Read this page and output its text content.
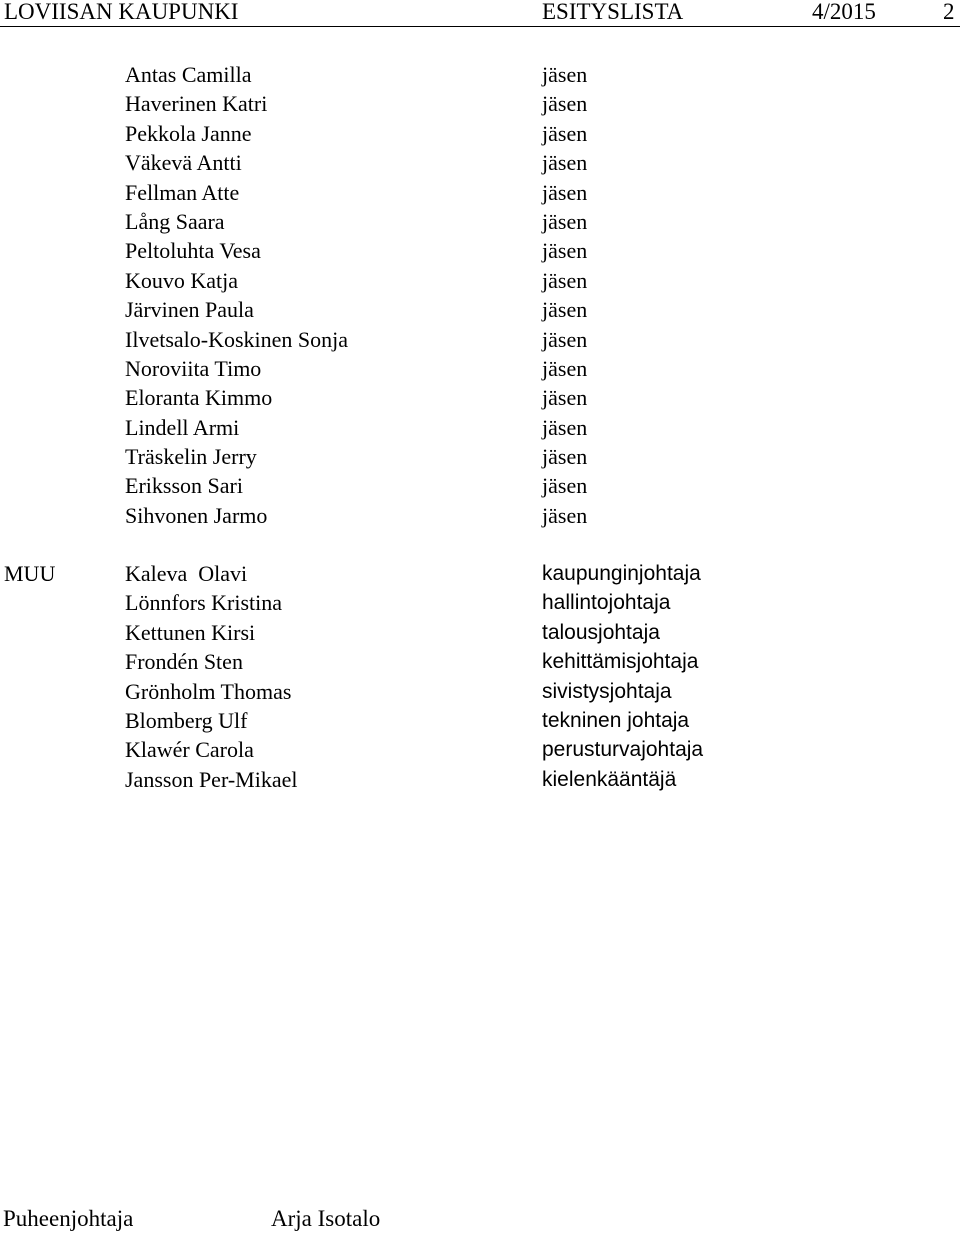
LOVIISAN KAUPUNKI	ESITYSLISTA	4/2015	2
Antas Camilla	jäsen
Haverinen Katri	jäsen
Pekkola Janne	jäsen
Väkevä Antti	jäsen
Fellman Atte	jäsen
Lång Saara	jäsen
Peltoluhta Vesa	jäsen
Kouvo Katja	jäsen
Järvinen Paula	jäsen
Ilvetsalo-Koskinen Sonja	jäsen
Noroviita Timo	jäsen
Eloranta Kimmo	jäsen
Lindell Armi	jäsen
Träskelin Jerry	jäsen
Eriksson Sari	jäsen
Sihvonen Jarmo	jäsen
MUU	Kaleva  Olavi	kaupunginjohtaja
Lönnfors Kristina	hallintojohtaja
Kettunen Kirsi	talousjohtaja
Frondén Sten	kehittämisjohtaja
Grönholm Thomas	sivistysjohtaja
Blomberg Ulf	tekninen johtaja
Klawér Carola	perusturvajohtaja
Jansson Per-Mikael	kielenkääntäjä
Puheenjohtaja	Arja Isotalo
